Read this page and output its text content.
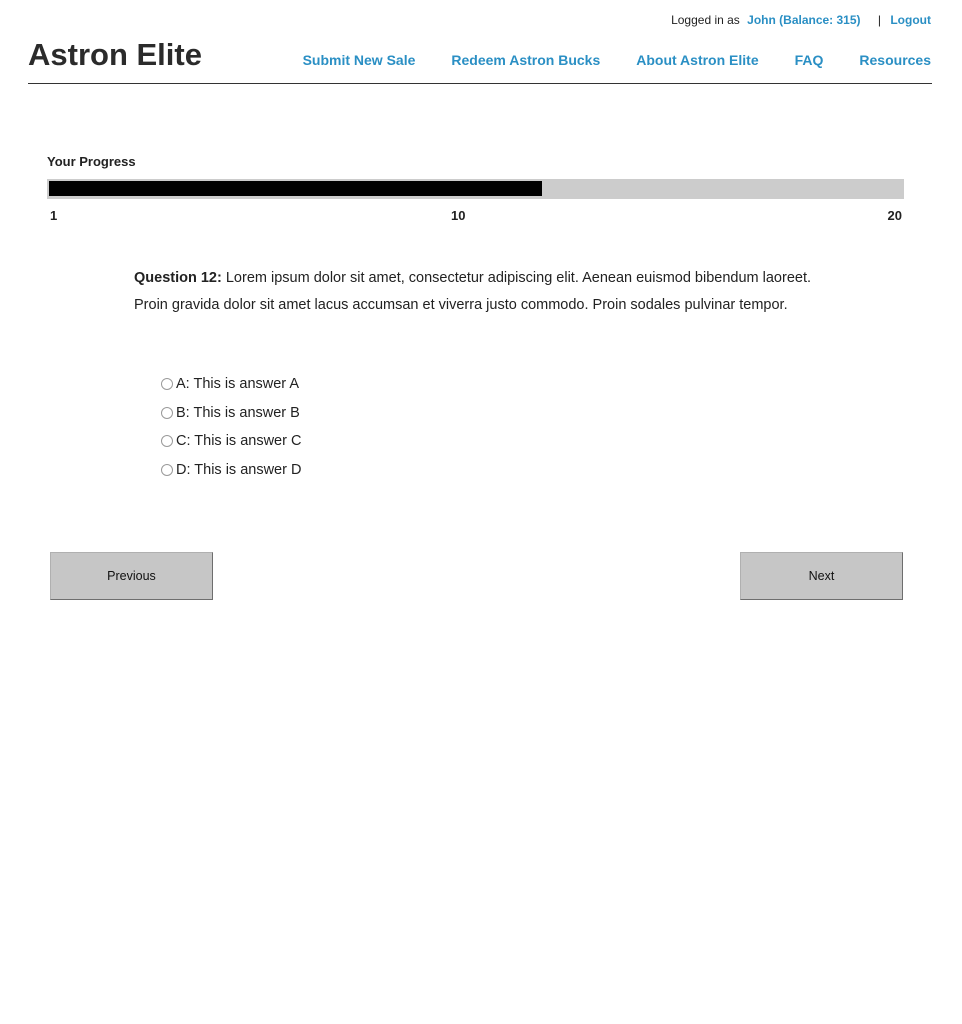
Logged in as John (Balance: 315) | Logout
Astron Elite	Submit New Sale	Redeem Astron Bucks	About Astron Elite	FAQ	Resources
Your Progress
1	10	20
Question 12: Lorem ipsum dolor sit amet, consectetur adipiscing elit. Aenean euismod bibendum laoreet. Proin gravida dolor sit amet lacus accumsan et viverra justo commodo. Proin sodales pulvinar tempor.
A: This is answer A
B: This is answer B
C: This is answer C
D: This is answer D
Previous	Next
